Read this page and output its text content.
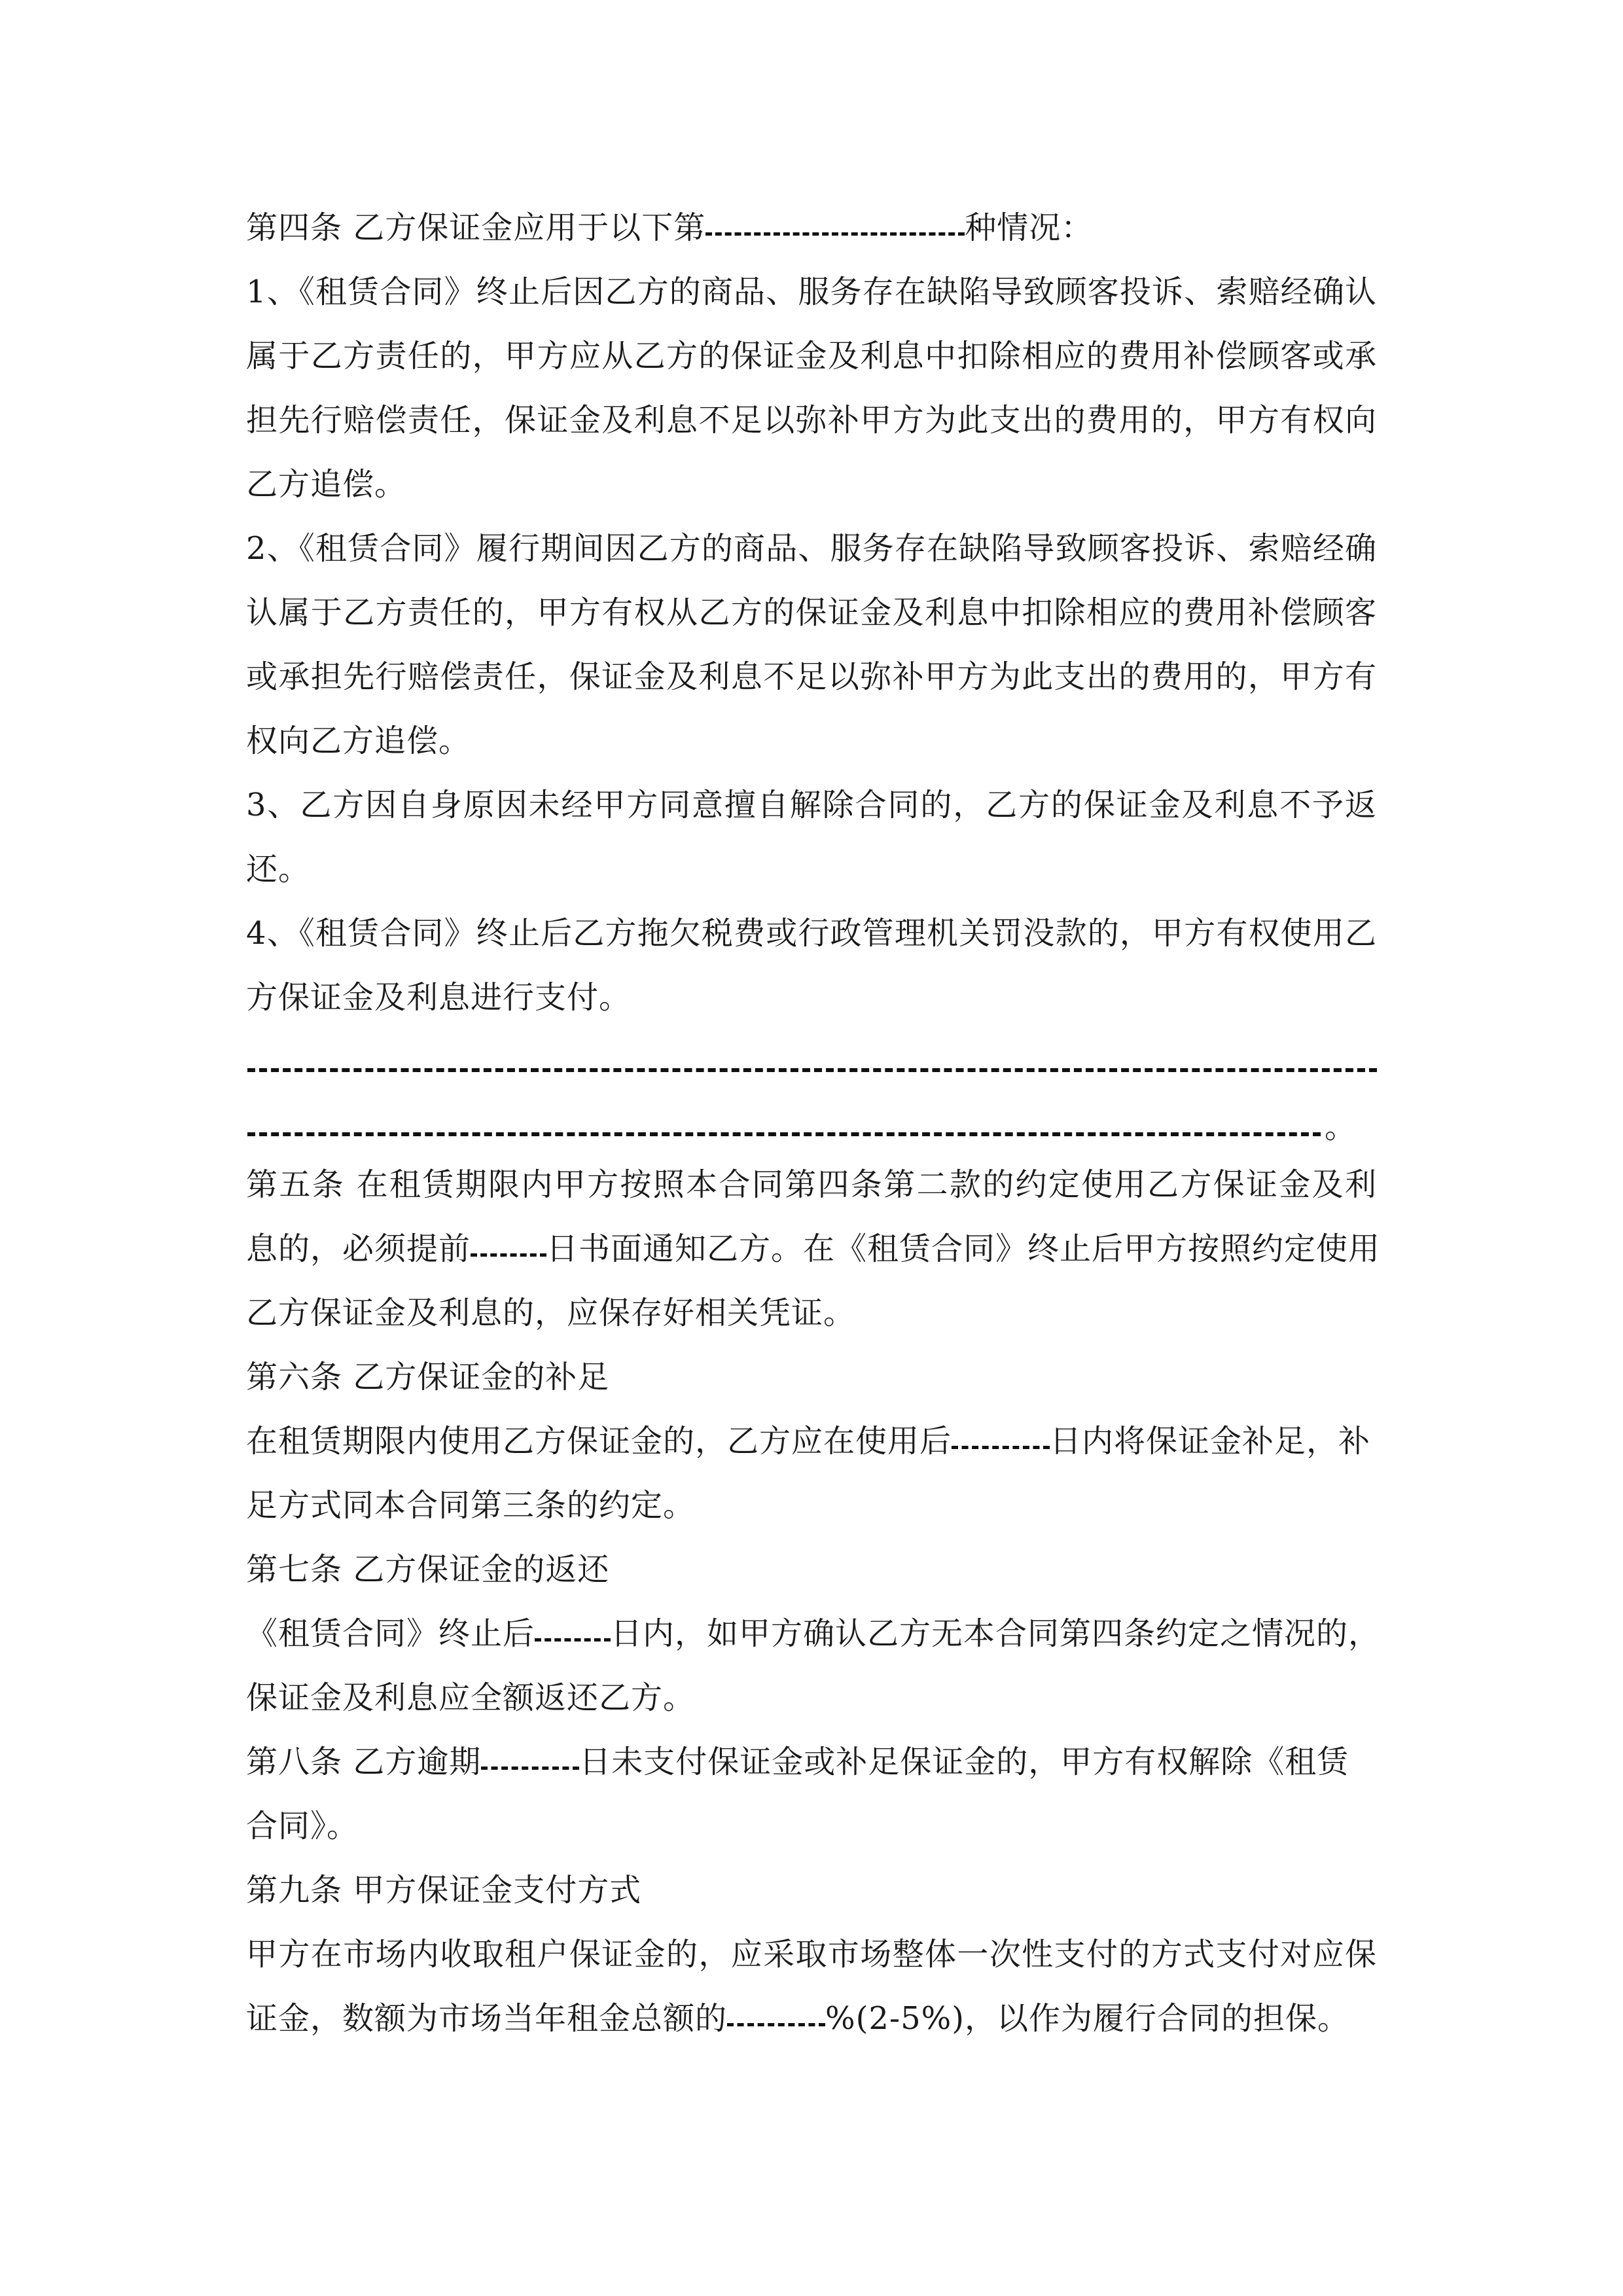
第四条 乙方保证金应用于以下第	种情况：
1、《租赁合同》终止后因乙方的商品、服务存在缺陷导致顾客投诉、索赔经确认
属于乙方责任的，甲方应从乙方的保证金及利息中扣除相应的费用补偿顾客或承
担先行赔偿责任，保证金及利息不足以弥补甲方为此支出的费用的，甲方有权向
乙方追偿。
2、《租赁合同》履行期间因乙方的商品、服务存在缺陷导致顾客投诉、索赔经确
认属于乙方责任的，甲方有权从乙方的保证金及利息中扣除相应的费用补偿顾客
或承担先行赔偿责任，保证金及利息不足以弥补甲方为此支出的费用的，甲方有
权向乙方追偿。
3、乙方因自身原因未经甲方同意擅自解除合同的，乙方的保证金及利息不予返
还。
4、《租赁合同》终止后乙方拖欠税费或行政管理机关罚没款的，甲方有权使用乙
方保证金及利息进行支付。
。
第五条 在租赁期限内甲方按照本合同第四条第二款的约定使用乙方保证金及利
息的，必须提前 日书面通知乙方。在《租赁合同》终止后甲方按照约定使用
乙方保证金及利息的，应保存好相关凭证。
第六条 乙方保证金的补足
在租赁期限内使用乙方保证金的，乙方应在使用后	日内将保证金补足，补
足方式同本合同第三条的约定。
第七条 乙方保证金的返还
《租赁合同》终止后 日内，如甲方确认乙方无本合同第四条约定之情况的，
保证金及利息应全额返还乙方。
第八条 乙方逾期	日未支付保证金或补足保证金的，甲方有权解除《租赁
合同》。
第九条 甲方保证金支付方式
甲方在市场内收取租户保证金的，应采取市场整体一次性支付的方式支付对应保
证金，数额为市场当年租金总额的	%(2-5%)，以作为履行合同的担保。
